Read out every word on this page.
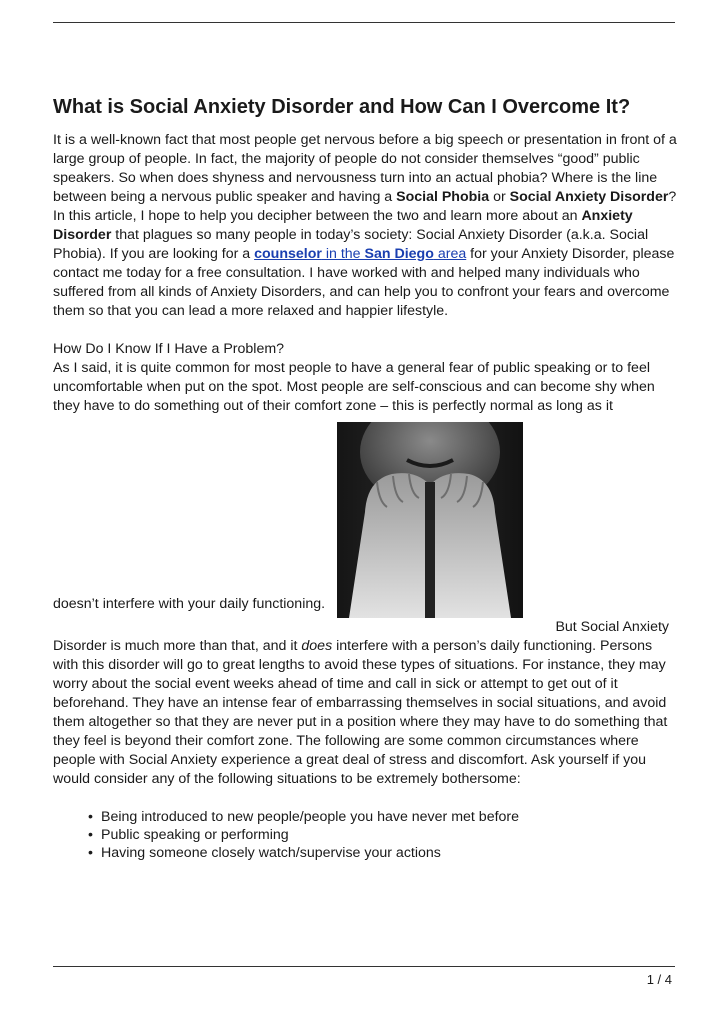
What is Social Anxiety Disorder and How Can I Overcome It?

It is a well-known fact that most people get nervous before a big speech or presentation in front of a large group of people. In fact, the majority of people do not consider themselves “good” public speakers. So when does shyness and nervousness turn into an actual phobia? Where is the line between being a nervous public speaker and having a Social Phobia or Social Anxiety Disorder? In this article, I hope to help you decipher between the two and learn more about an Anxiety Disorder that plagues so many people in today’s society: Social Anxiety Disorder (a.k.a. Social Phobia). If you are looking for a counselor in the San Diego area for your Anxiety Disorder, please contact me today for a free consultation. I have worked with and helped many individuals who suffered from all kinds of Anxiety Disorders, and can help you to confront your fears and overcome them so that you can lead a more relaxed and happier lifestyle.

How Do I Know If I Have a Problem?

As I said, it is quite common for most people to have a general fear of public speaking or to feel uncomfortable when put on the spot. Most people are self-conscious and can become shy when they have to do something out of their comfort zone – this is perfectly normal as long as it

doesn’t interfere with your daily functioning.

But Social Anxiety

Disorder is much more than that, and it does interfere with a person’s daily functioning. Persons with this disorder will go to great lengths to avoid these types of situations. For instance, they may worry about the social event weeks ahead of time and call in sick or attempt to get out of it beforehand. They have an intense fear of embarrassing themselves in social situations, and avoid them altogether so that they are never put in a position where they may have to do something that they feel is beyond their comfort zone. The following are some common circumstances where people with Social Anxiety experience a great deal of stress and discomfort. Ask yourself if you would consider any of the following situations to be extremely bothersome:

• Being introduced to new people/people you have never met before
• Public speaking or performing
• Having someone closely watch/supervise your actions
1 / 4
